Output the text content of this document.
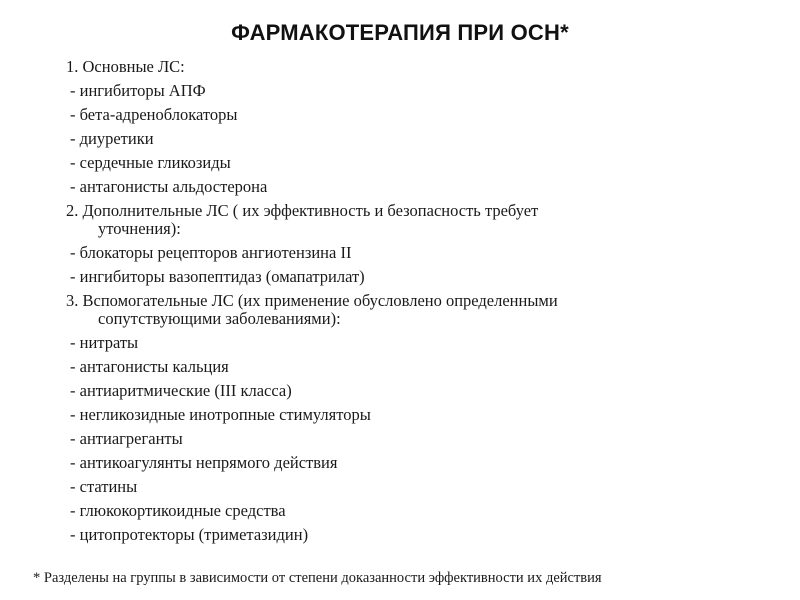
ФАРМАКОТЕРАПИЯ ПРИ ОСН*
1. Основные ЛС:
- ингибиторы АПФ
- бета-адреноблокаторы
- диуретики
- сердечные гликозиды
- антагонисты альдостерона
2. Дополнительные ЛС ( их эффективность и безопасность требует
уточнения):
- блокаторы рецепторов ангиотензина II
- ингибиторы вазопептидаз (омапатрилат)
3. Вспомогательные ЛС (их применение обусловлено определенными
сопутствующими заболеваниями):
- нитраты
- антагонисты кальция
- антиаритмические (III класса)
- негликозидные инотропные стимуляторы
- антиагреганты
- антикоагулянты непрямого действия
- статины
- глюкокортикоидные средства
- цитопротекторы (триметазидин)
* Разделены на группы в зависимости от степени доказанности эффективности их действия
